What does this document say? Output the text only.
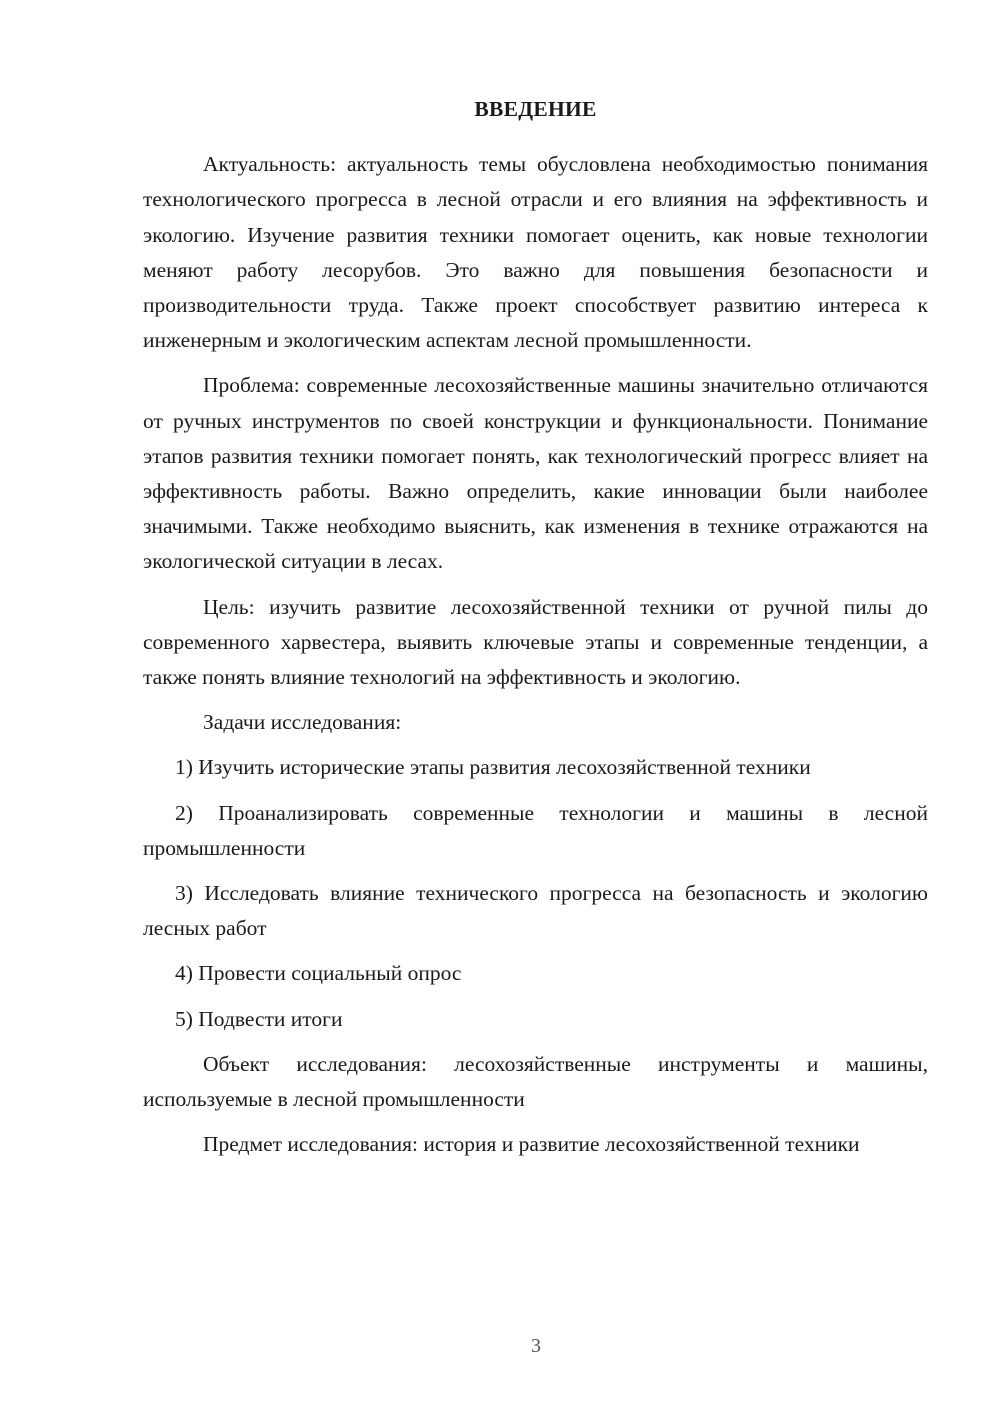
ВВЕДЕНИЕ

Актуальность: актуальность темы обусловлена необходимостью понимания технологического прогресса в лесной отрасли и его влияния на эффективность и экологию. Изучение развития техники помогает оценить, как новые технологии меняют работу лесорубов. Это важно для повышения безопасности и производительности труда. Также проект способствует развитию интереса к инженерным и экологическим аспектам лесной промышленности.

Проблема: современные лесохозяйственные машины значительно отличаются от ручных инструментов по своей конструкции и функциональности. Понимание этапов развития техники помогает понять, как технологический прогресс влияет на эффективность работы. Важно определить, какие инновации были наиболее значимыми. Также необходимо выяснить, как изменения в технике отражаются на экологической ситуации в лесах.

Цель: изучить развитие лесохозяйственной техники от ручной пилы до современного харвестера, выявить ключевые этапы и современные тенденции, а также понять влияние технологий на эффективность и экологию.

Задачи исследования:

1) Изучить исторические этапы развития лесохозяйственной техники

2) Проанализировать современные технологии и машины в лесной промышленности

3) Исследовать влияние технического прогресса на безопасность и экологию лесных работ

4) Провести социальный опрос

5) Подвести итоги

Объект исследования: лесохозяйственные инструменты и машины, используемые в лесной промышленности

Предмет исследования: история и развитие лесохозяйственной техники

3
